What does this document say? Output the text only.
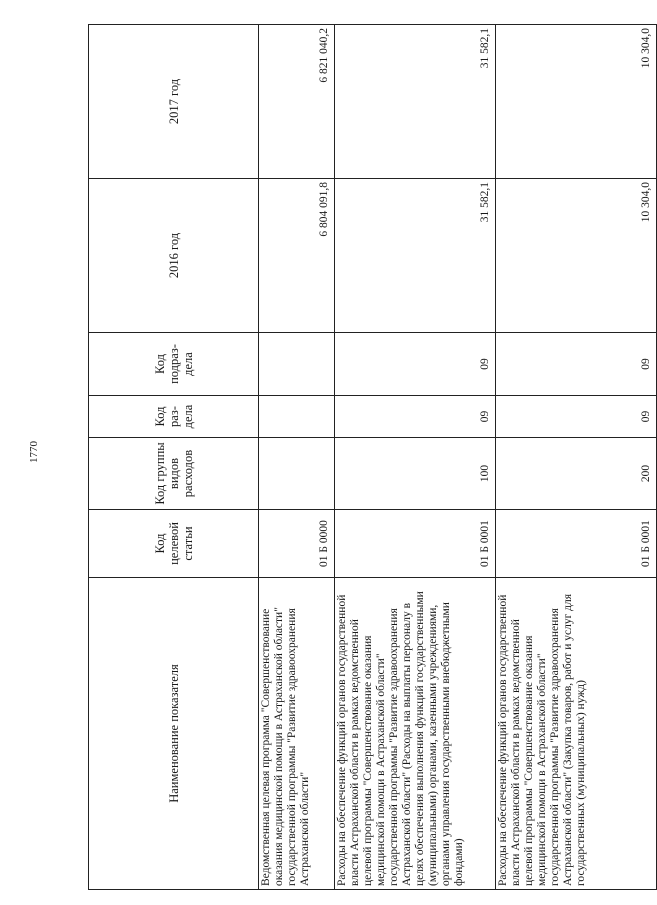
1770
Наименование показателя	Код целевой статьи	Код группы видов расходов	Код раз-дела	Код подраз-дела	2016 год	2017 год
Ведомственная целевая программа "Совершенствование оказания медицинской помощи в Астраханской области" государственной программы "Развитие здравоохранения Астраханской области"	01 Б 0000				6 804 091,8	6 821 040,2
Расходы на обеспечение функций органов государственной власти Астраханской области в рамках ведомственной целевой программы "Совершенствование оказания медицинской помощи в Астраханской области" государственной программы "Развитие здравоохранения Астраханской области" (Расходы на выплаты персоналу в целях обеспечения выполнения функций государственными (муниципальными) органами, казенными учреждениями, органами управления государственными внебюджетными фондами)	01 Б 0001	100	09	09	31 582,1	31 582,1
Расходы на обеспечение функций органов государственной власти Астраханской области в рамках ведомственной целевой программы "Совершенствование оказания медицинской помощи в Астраханской области" государственной программы "Развитие здравоохранения Астраханской области" (Закупка товаров, работ и услуг для государственных (муниципальных) нужд)	01 Б 0001	200	09	09	10 304,0	10 304,0
